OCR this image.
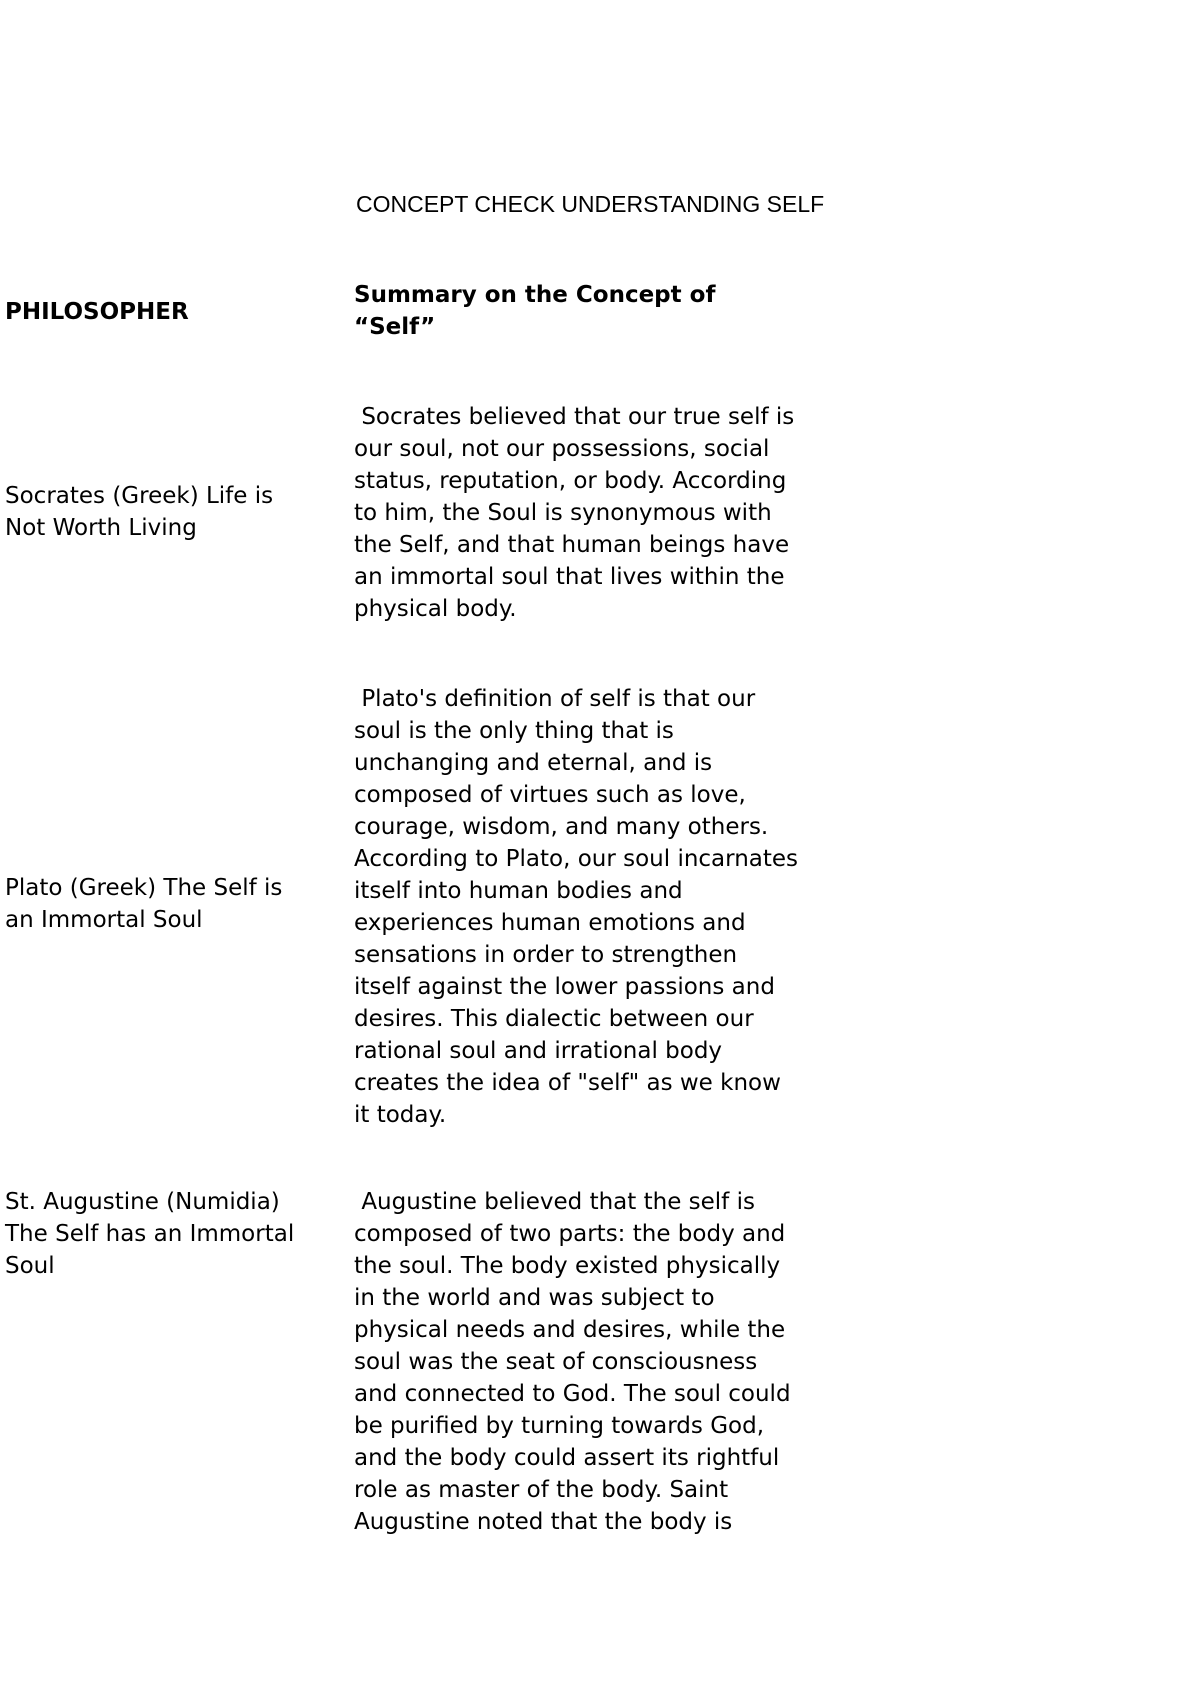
CONCEPT CHECK UNDERSTANDING SELF
PHILOSOPHER
Summary on the Concept of
“Self”
Socrates (Greek) Life is
Not Worth Living
Socrates believed that our true self is
our soul, not our possessions, social
status, reputation, or body. According
to him, the Soul is synonymous with
the Self, and that human beings have
an immortal soul that lives within the
physical body.
Plato (Greek) The Self is
an Immortal Soul
Plato's definition of self is that our
soul is the only thing that is
unchanging and eternal, and is
composed of virtues such as love,
courage, wisdom, and many others.
According to Plato, our soul incarnates
itself into human bodies and
experiences human emotions and
sensations in order to strengthen
itself against the lower passions and
desires. This dialectic between our
rational soul and irrational body
creates the idea of "self" as we know
it today.
St. Augustine (Numidia)
The Self has an Immortal
Soul
Augustine believed that the self is
composed of two parts: the body and
the soul. The body existed physically
in the world and was subject to
physical needs and desires, while the
soul was the seat of consciousness
and connected to God. The soul could
be purified by turning towards God,
and the body could assert its rightful
role as master of the body. Saint
Augustine noted that the body is
